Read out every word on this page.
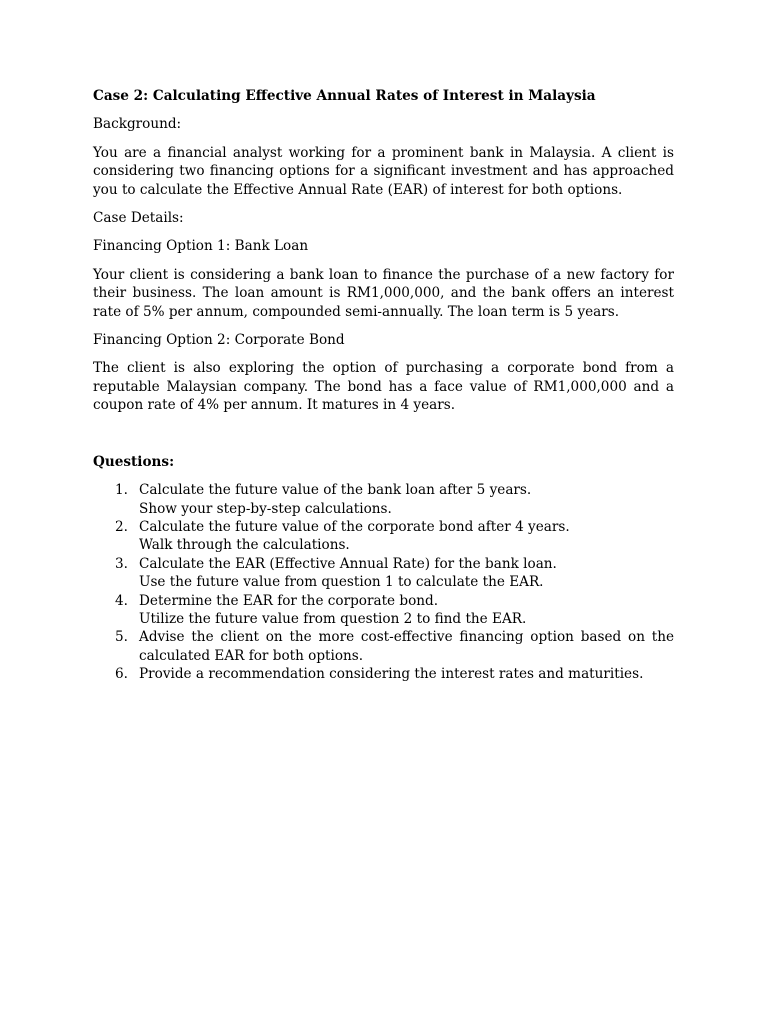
Case 2: Calculating Effective Annual Rates of Interest in Malaysia

Background:

You are a financial analyst working for a prominent bank in Malaysia. A client is considering two financing options for a significant investment and has approached you to calculate the Effective Annual Rate (EAR) of interest for both options.

Case Details:

Financing Option 1: Bank Loan

Your client is considering a bank loan to finance the purchase of a new factory for their business. The loan amount is RM1,000,000, and the bank offers an interest rate of 5% per annum, compounded semi-annually. The loan term is 5 years.

Financing Option 2: Corporate Bond

The client is also exploring the option of purchasing a corporate bond from a reputable Malaysian company. The bond has a face value of RM1,000,000 and a coupon rate of 4% per annum. It matures in 4 years.

Questions:

1. Calculate the future value of the bank loan after 5 years.
Show your step-by-step calculations.
2. Calculate the future value of the corporate bond after 4 years.
Walk through the calculations.
3. Calculate the EAR (Effective Annual Rate) for the bank loan.
Use the future value from question 1 to calculate the EAR.
4. Determine the EAR for the corporate bond.
Utilize the future value from question 2 to find the EAR.
5. Advise the client on the more cost-effective financing option based on the calculated EAR for both options.
6. Provide a recommendation considering the interest rates and maturities.
